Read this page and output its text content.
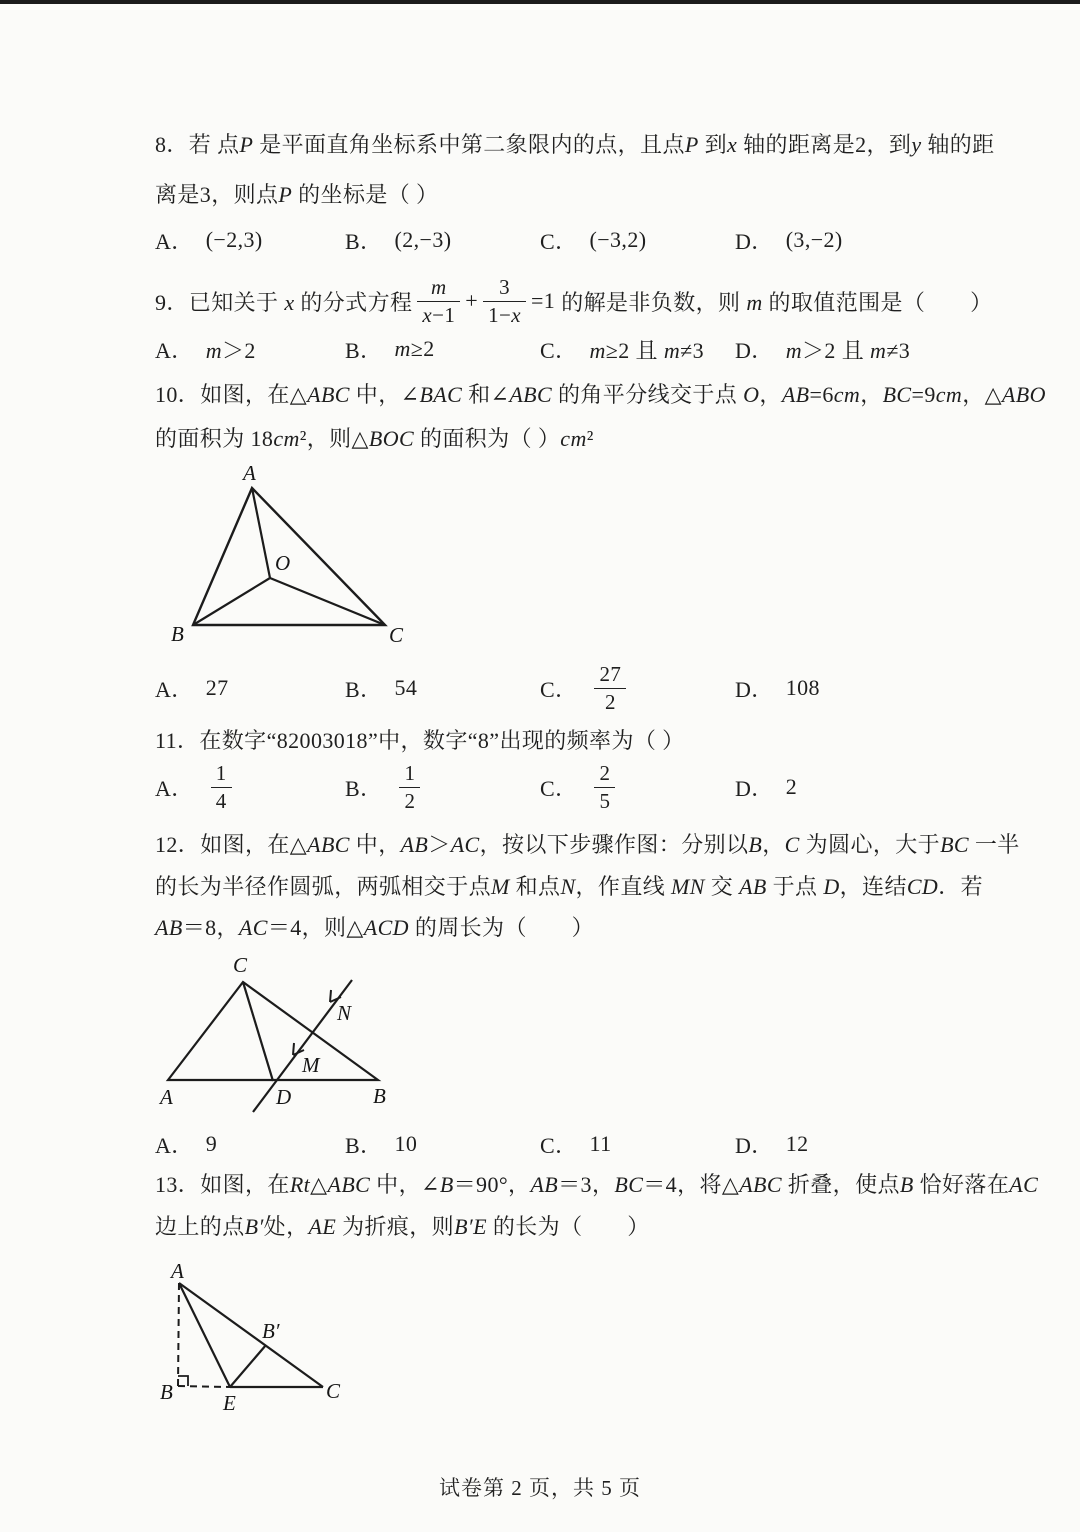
8．若 点P 是平面直角坐标系中第二象限内的点，且点P 到x 轴的距离是2，到y 轴的距
离是3，则点P 的坐标是（ ）
A． (−2,3)	B． (2,−3)	C． (−3,2)	D． (3,−2)
9．已知关于 x 的分式方程 $\frac{m}{x-1} + \frac{3}{1-x} =1$ 的解是非负数，则 m 的取值范围是（　　）
A． m＞2	B． m≥2	C． m≥2 且 m≠3 D． m＞2 且 m≠3
10．如图，在△ABC 中，∠BAC 和∠ABC 的角平分线交于点 O，AB=6cm，BC=9cm，△ABO
的面积为 18cm²，则△BOC 的面积为（ ）cm²
A
B	C
O
A． 27	B． 54	C． $\frac{27}{2}$	D． 108
11．在数字“82003018”中，数字“8”出现的频率为（ ）
A． $\frac{1}{4}$	B． $\frac{1}{2}$	C． $\frac{2}{5}$	D． 2
12．如图，在△ABC 中，AB＞AC，按以下步骤作图：分别以B，C 为圆心，大于BC 一半
的长为半径作圆弧，两弧相交于点M 和点N，作直线 MN 交 AB 于点 D，连结CD．若
AB＝8，AC＝4，则△ACD 的周长为（　　）
C
A	B
D
M
N
A． 9	B． 10	C． 11	D． 12
13．如图，在Rt△ABC 中，∠B＝90°，AB＝3，BC＝4，将△ABC 折叠，使点B 恰好落在AC
边上的点B′处，AE 为折痕，则B′E 的长为（　　）
A
B E	C
B′
试卷第 2 页，共 5 页
